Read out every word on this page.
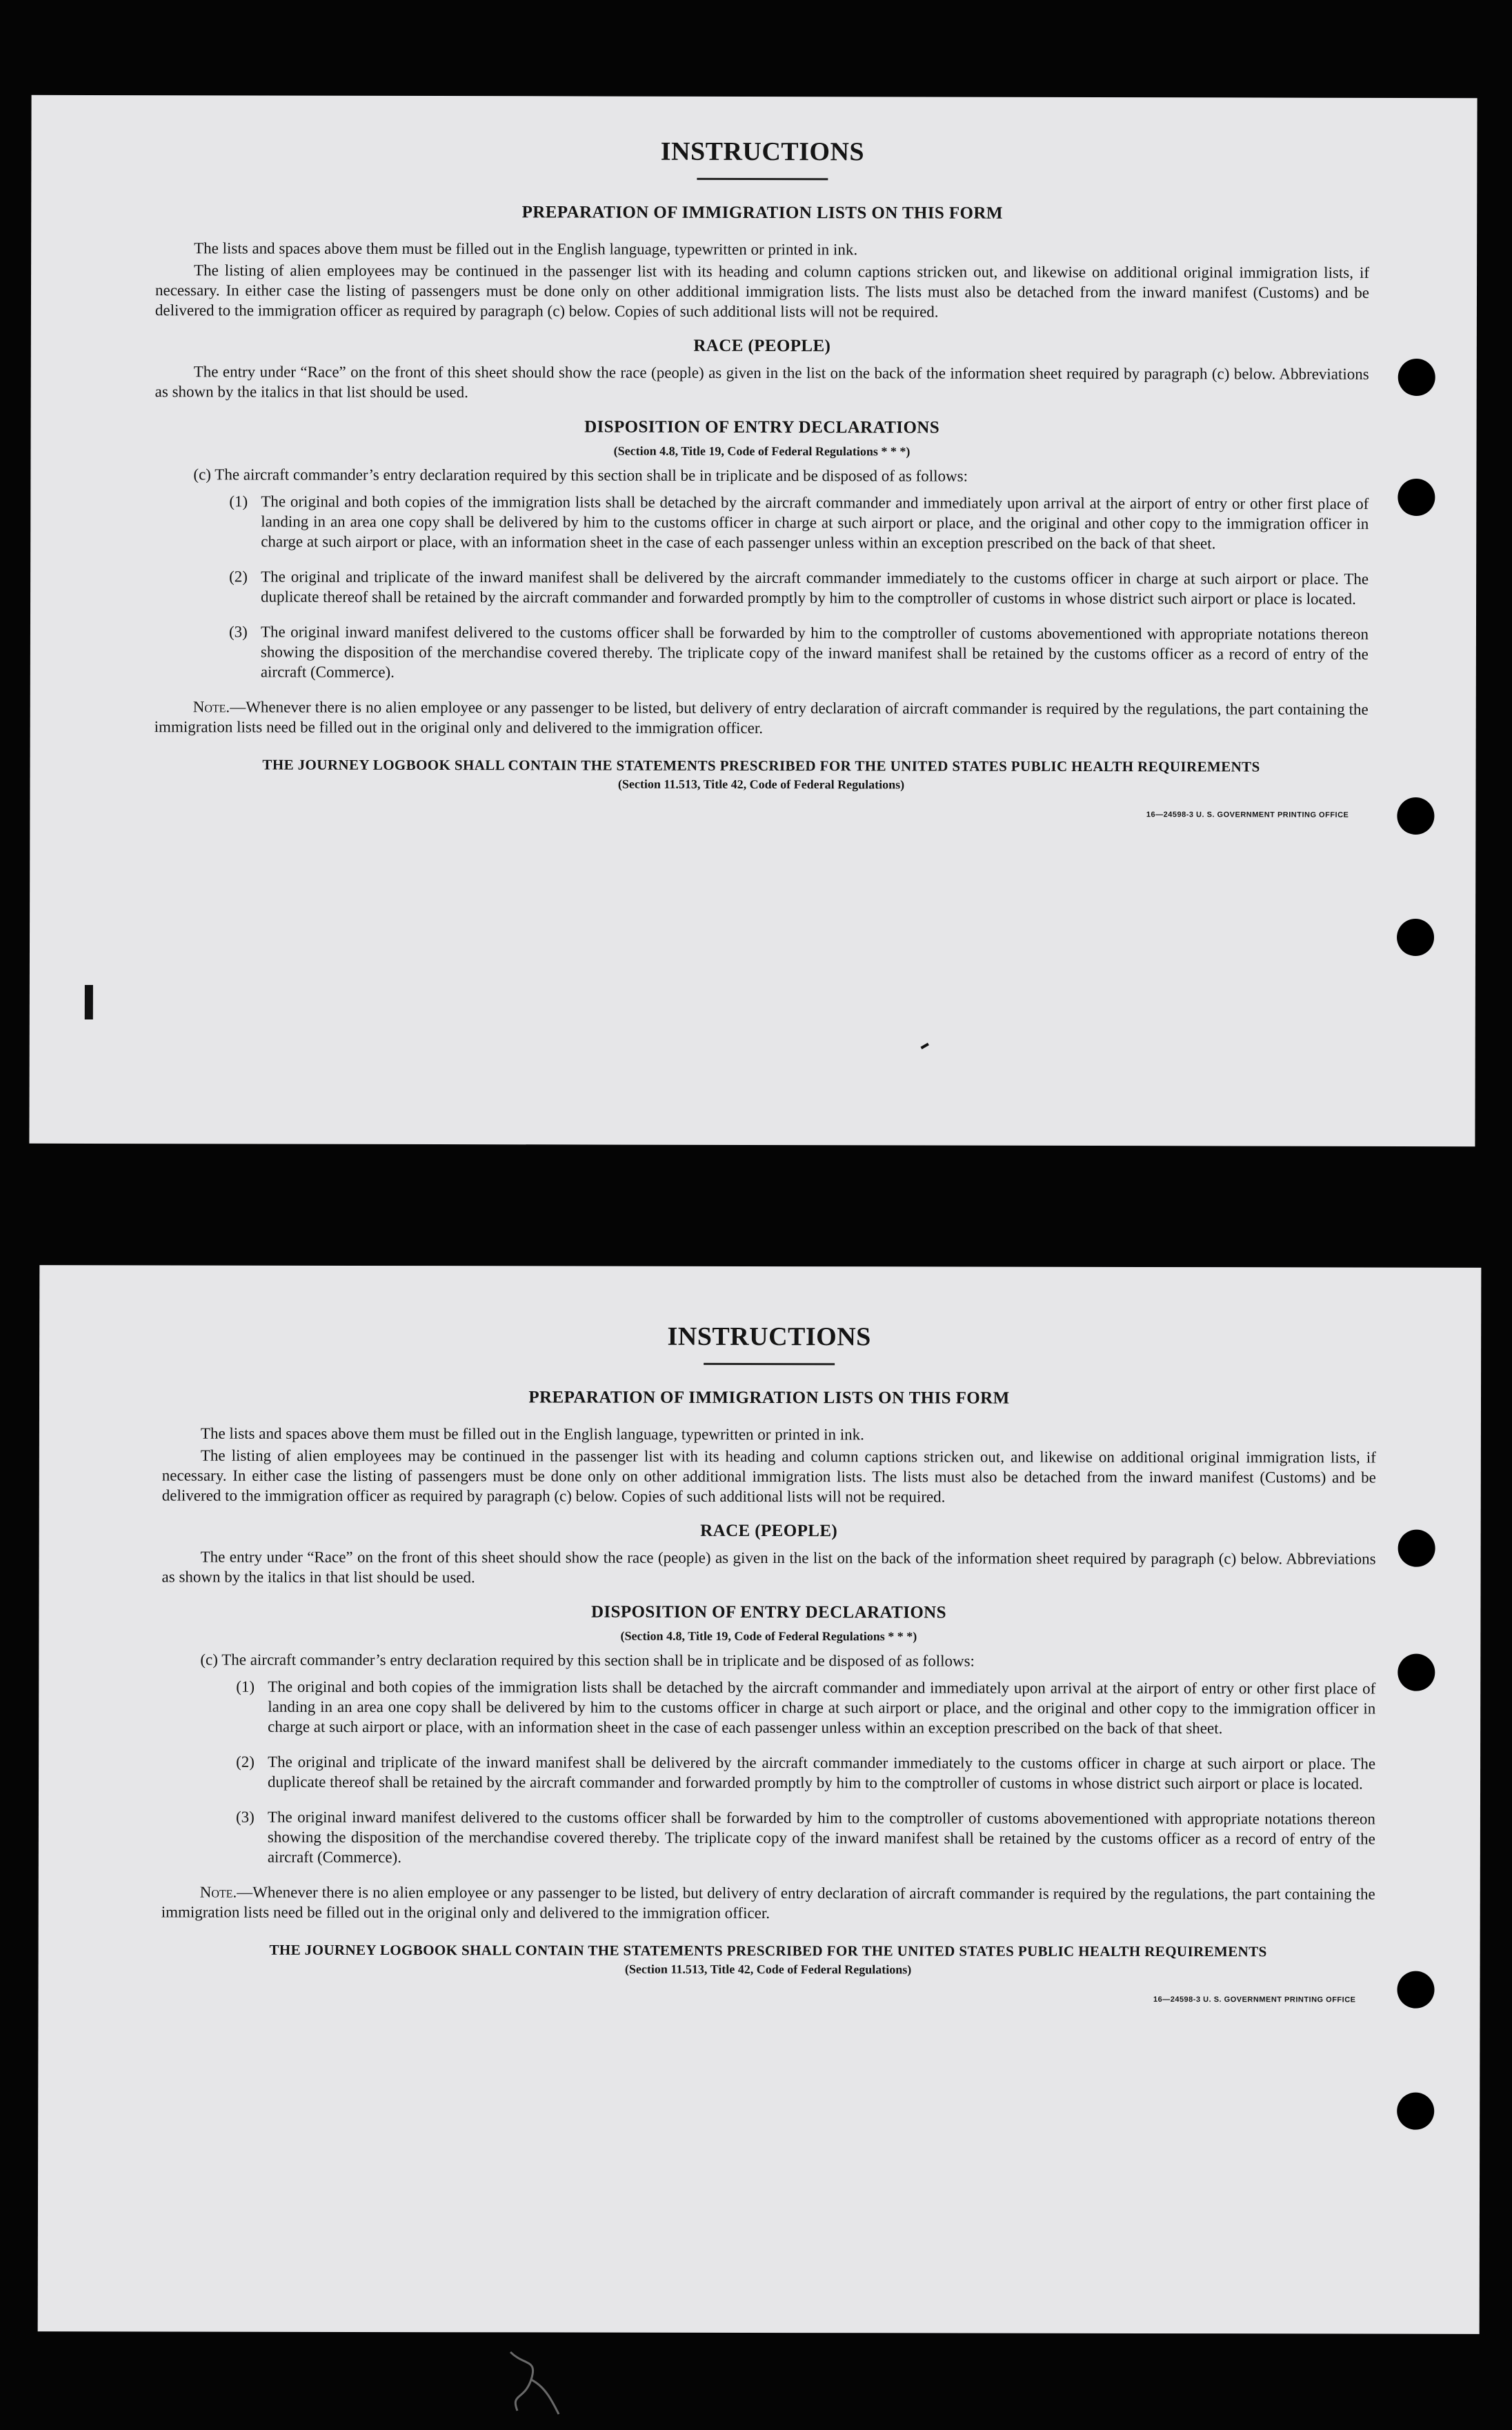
INSTRUCTIONS
PREPARATION OF IMMIGRATION LISTS ON THIS FORM

The lists and spaces above them must be filled out in the English language, typewritten or printed in ink.

The listing of alien employees may be continued in the passenger list with its heading and column captions stricken out, and likewise on additional original immigration lists, if necessary. In either case the listing of passengers must be done only on other additional immigration lists. The lists must also be detached from the inward manifest (Customs) and be delivered to the immigration officer as required by paragraph (c) below. Copies of such additional lists will not be required.

RACE (PEOPLE)

The entry under “Race” on the front of this sheet should show the race (people) as given in the list on the back of the information sheet required by paragraph (c) below. Abbreviations as shown by the italics in that list should be used.

DISPOSITION OF ENTRY DECLARATIONS
(Section 4.8, Title 19, Code of Federal Regulations * * *)

(c) The aircraft commander’s entry declaration required by this section shall be in triplicate and be disposed of as follows:

(1) The original and both copies of the immigration lists shall be detached by the aircraft commander and immediately upon arrival at the airport of entry or other first place of landing in an area one copy shall be delivered by him to the customs officer in charge at such airport or place, and the original and other copy to the immigration officer in charge at such airport or place, with an information sheet in the case of each passenger unless within an exception prescribed on the back of that sheet.
(2) The original and triplicate of the inward manifest shall be delivered by the aircraft commander immediately to the customs officer in charge at such airport or place. The duplicate thereof shall be retained by the aircraft commander and forwarded promptly by him to the comptroller of customs in whose district such airport or place is located.
(3) The original inward manifest delivered to the customs officer shall be forwarded by him to the comptroller of customs abovementioned with appropriate notations thereon showing the disposition of the merchandise covered thereby. The triplicate copy of the inward manifest shall be retained by the customs officer as a record of entry of the aircraft (Commerce).

Note.—Whenever there is no alien employee or any passenger to be listed, but delivery of entry declaration of aircraft commander is required by the regulations, the part containing the immigration lists need be filled out in the original only and delivered to the immigration officer.

THE JOURNEY LOGBOOK SHALL CONTAIN THE STATEMENTS PRESCRIBED FOR THE UNITED STATES PUBLIC HEALTH REQUIREMENTS
(Section 11.513, Title 42, Code of Federal Regulations)
16—24598-3 U. S. GOVERNMENT PRINTING OFFICE
INSTRUCTIONS
PREPARATION OF IMMIGRATION LISTS ON THIS FORM

The lists and spaces above them must be filled out in the English language, typewritten or printed in ink.

The listing of alien employees may be continued in the passenger list with its heading and column captions stricken out, and likewise on additional original immigration lists, if necessary. In either case the listing of passengers must be done only on other additional immigration lists. The lists must also be detached from the inward manifest (Customs) and be delivered to the immigration officer as required by paragraph (c) below. Copies of such additional lists will not be required.

RACE (PEOPLE)

The entry under “Race” on the front of this sheet should show the race (people) as given in the list on the back of the information sheet required by paragraph (c) below. Abbreviations as shown by the italics in that list should be used.

DISPOSITION OF ENTRY DECLARATIONS
(Section 4.8, Title 19, Code of Federal Regulations * * *)

(c) The aircraft commander’s entry declaration required by this section shall be in triplicate and be disposed of as follows:

(1) The original and both copies of the immigration lists shall be detached by the aircraft commander and immediately upon arrival at the airport of entry or other first place of landing in an area one copy shall be delivered by him to the customs officer in charge at such airport or place, and the original and other copy to the immigration officer in charge at such airport or place, with an information sheet in the case of each passenger unless within an exception prescribed on the back of that sheet.
(2) The original and triplicate of the inward manifest shall be delivered by the aircraft commander immediately to the customs officer in charge at such airport or place. The duplicate thereof shall be retained by the aircraft commander and forwarded promptly by him to the comptroller of customs in whose district such airport or place is located.
(3) The original inward manifest delivered to the customs officer shall be forwarded by him to the comptroller of customs abovementioned with appropriate notations thereon showing the disposition of the merchandise covered thereby. The triplicate copy of the inward manifest shall be retained by the customs officer as a record of entry of the aircraft (Commerce).

Note.—Whenever there is no alien employee or any passenger to be listed, but delivery of entry declaration of aircraft commander is required by the regulations, the part containing the immigration lists need be filled out in the original only and delivered to the immigration officer.

THE JOURNEY LOGBOOK SHALL CONTAIN THE STATEMENTS PRESCRIBED FOR THE UNITED STATES PUBLIC HEALTH REQUIREMENTS
(Section 11.513, Title 42, Code of Federal Regulations)
16—24598-3 U. S. GOVERNMENT PRINTING OFFICE
